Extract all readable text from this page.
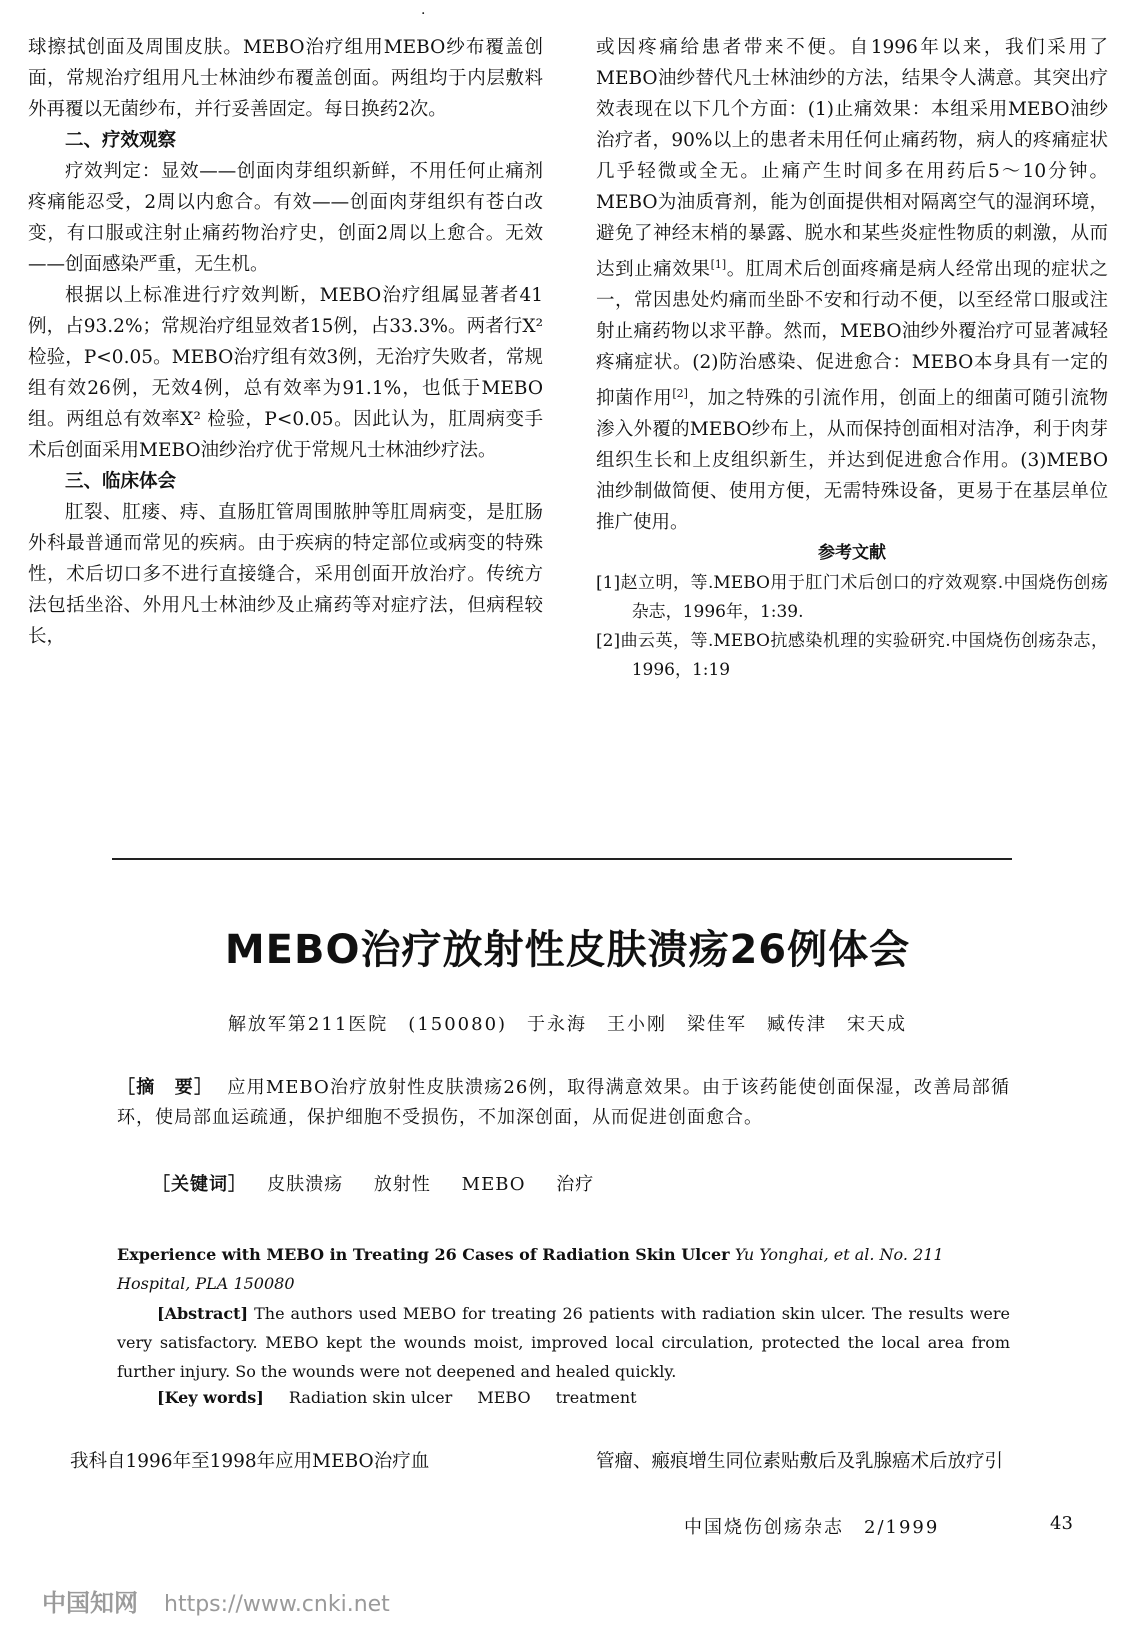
·

球擦拭创面及周围皮肤。MEBO治疗组用MEBO纱布覆盖创面，常规治疗组用凡士林油纱布覆盖创面。两组均于内层敷料外再覆以无菌纱布，并行妥善固定。每日换药2次。

二、疗效观察

疗效判定：显效——创面肉芽组织新鲜，不用任何止痛剂疼痛能忍受，2周以内愈合。有效——创面肉芽组织有苍白改变，有口服或注射止痛药物治疗史，创面2周以上愈合。无效——创面感染严重，无生机。

根据以上标准进行疗效判断，MEBO治疗组属显著者41例，占93.2%；常规治疗组显效者15例，占33.3%。两者行X² 检验，P<0.05。MEBO治疗组有效3例，无治疗失败者，常规组有效26例，无效4例，总有效率为91.1%，也低于MEBO组。两组总有效率X² 检验，P<0.05。因此认为，肛周病变手术后创面采用MEBO油纱治疗优于常规凡士林油纱疗法。

三、临床体会

肛裂、肛瘘、痔、直肠肛管周围脓肿等肛周病变，是肛肠外科最普通而常见的疾病。由于疾病的特定部位或病变的特殊性，术后切口多不进行直接缝合，采用创面开放治疗。传统方法包括坐浴、外用凡士林油纱及止痛药等对症疗法，但病程较长，

或因疼痛给患者带来不便。自1996年以来，我们采用了MEBO油纱替代凡士林油纱的方法，结果令人满意。其突出疗效表现在以下几个方面：(1)止痛效果：本组采用MEBO油纱治疗者，90%以上的患者未用任何止痛药物，病人的疼痛症状几乎轻微或全无。止痛产生时间多在用药后5～10分钟。MEBO为油质膏剂，能为创面提供相对隔离空气的湿润环境，避免了神经末梢的暴露、脱水和某些炎症性物质的刺激，从而达到止痛效果[1]。肛周术后创面疼痛是病人经常出现的症状之一，常因患处灼痛而坐卧不安和行动不便，以至经常口服或注射止痛药物以求平静。然而，MEBO油纱外覆治疗可显著减轻疼痛症状。(2)防治感染、促进愈合：MEBO本身具有一定的抑菌作用[2]，加之特殊的引流作用，创面上的细菌可随引流物渗入外覆的MEBO纱布上，从而保持创面相对洁净，利于肉芽组织生长和上皮组织新生，并达到促进愈合作用。(3)MEBO油纱制做简便、使用方便，无需特殊设备，更易于在基层单位推广使用。

参考文献

[1]赵立明，等.MEBO用于肛门术后创口的疗效观察.中国烧伤创疡杂志，1996年，1:39.

[2]曲云英，等.MEBO抗感染机理的实验研究.中国烧伤创疡杂志，1996，1:19

MEBO治疗放射性皮肤溃疡26例体会
解放军第211医院　(150080)　于永海　王小刚　梁佳军　臧传津　宋天成

［摘　要］ 应用MEBO治疗放射性皮肤溃疡26例，取得满意效果。由于该药能使创面保湿，改善局部循环，使局部血运疏通，保护细胞不受损伤，不加深创面，从而促进创面愈合。

［关键词］ 皮肤溃疡 放射性 MEBO 治疗
Experience with MEBO in Treating 26 Cases of Radiation Skin Ulcer Yu Yonghai, et al. No. 211 Hospital, PLA 150080
[Abstract] The authors used MEBO for treating 26 patients with radiation skin ulcer. The results were very satisfactory. MEBO kept the wounds moist, improved local circulation, protected the local area from further injury. So the wounds were not deepened and healed quickly.
[Key words] Radiation skin ulcer MEBO treatment
我科自1996年至1998年应用MEBO治疗血	管瘤、瘢痕增生同位素贴敷后及乳腺癌术后放疗引
中国烧伤创疡杂志　2/1999	43
中国知网 https://www.cnki.net
